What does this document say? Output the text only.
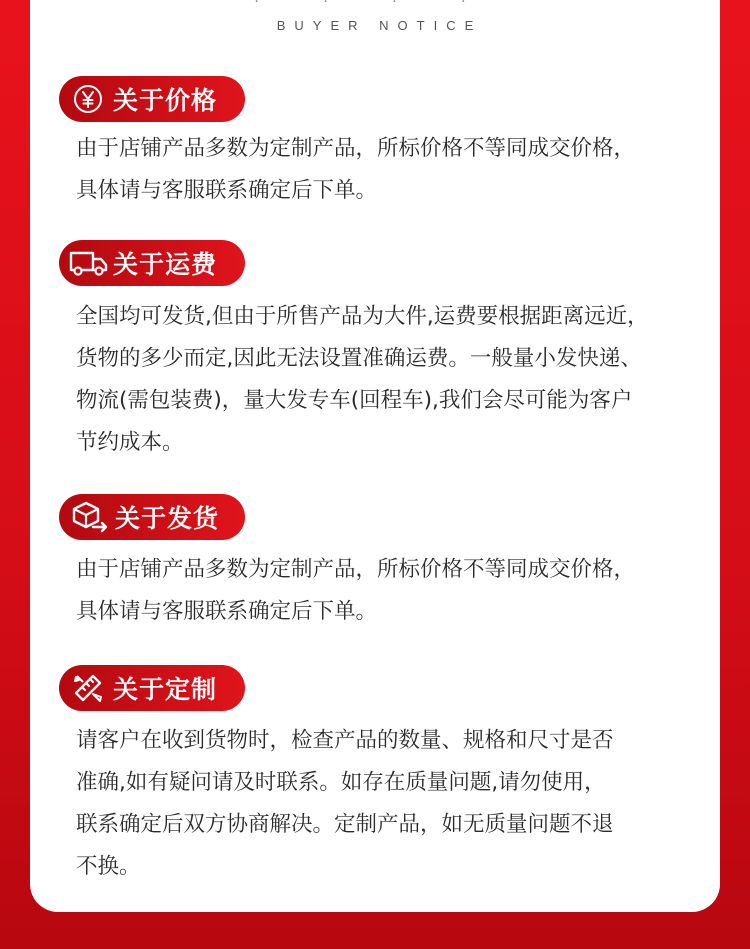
· · · ·
BUYER NOTICE
关于价格
由于店铺产品多数为定制产品，所标价格不等同成交价格，
具体请与客服联系确定后下单。
关于运费
全国均可发货,但由于所售产品为大件,运费要根据距离远近，
货物的多少而定,因此无法设置准确运费。一般量小发快递、
物流(需包装费)，量大发专车(回程车),我们会尽可能为客户
节约成本。
关于发货
由于店铺产品多数为定制产品，所标价格不等同成交价格，
具体请与客服联系确定后下单。
关于定制
请客户在收到货物时，检查产品的数量、规格和尺寸是否
准确,如有疑问请及时联系。如存在质量问题,请勿使用，
联系确定后双方协商解决。定制产品，如无质量问题不退
不换。
